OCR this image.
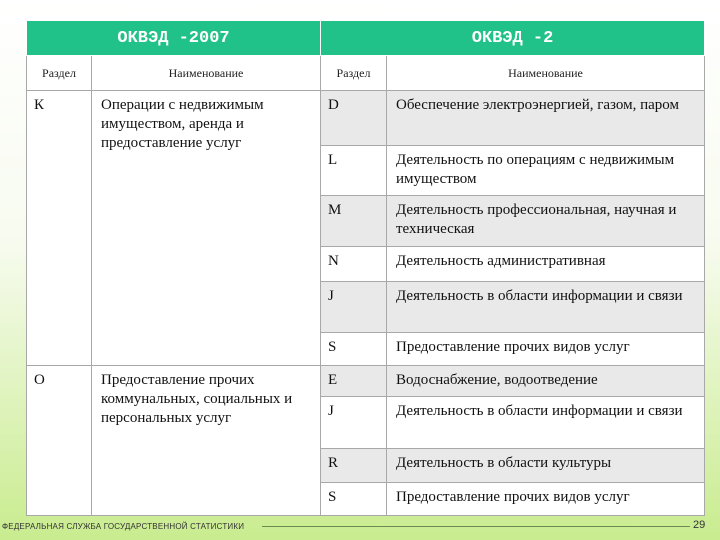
ОКВЭД -2007		ОКВЭД -2	
Раздел	Наименование	Раздел	Наименование
К	Операции с недвижимым имуществом, аренда и предоставление услуг	D	Обеспечение электроэнергией, газом, паром
		L	Деятельность по операциям с недвижимым имуществом
		M	Деятельность профессиональная, научная и техническая
		N	Деятельность административная
		J	Деятельность в области информации и связи
		S	Предоставление прочих видов услуг
О	Предоставление прочих коммунальных, социальных и персональных услуг	E	Водоснабжение, водоотведение
		J	Деятельность в области информации и связи
		R	Деятельность в области культуры
		S	Предоставление прочих видов услуг
ФЕДЕРАЛЬНАЯ СЛУЖБА ГОСУДАРСТВЕННОЙ СТАТИСТИКИ	29
